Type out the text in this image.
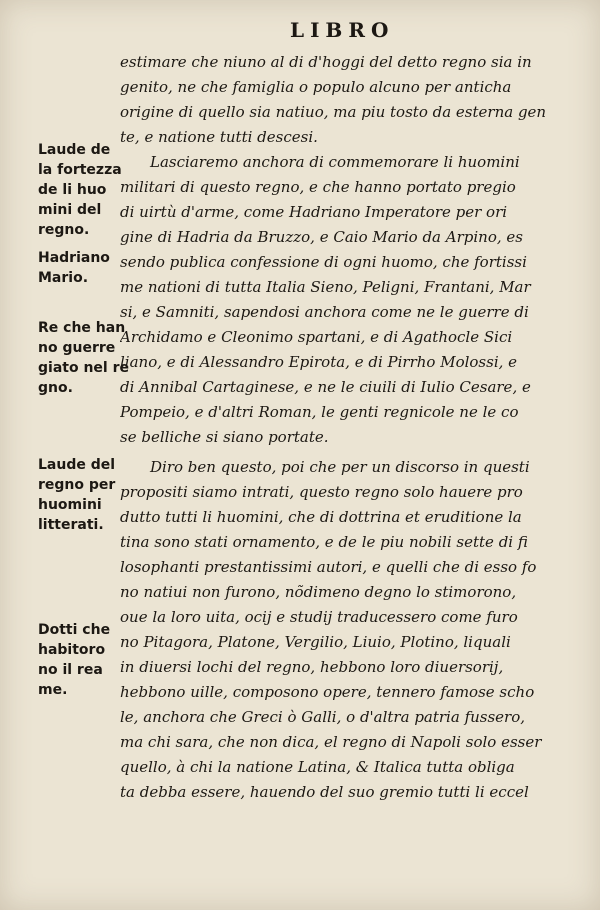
LIBRO
estimare che niuno al di d'hoggi del detto regno sia in
genito, ne che famiglia o populo alcuno per anticha
origine di quello sia natiuo, ma piu tosto da esterna gen
te, e natione tutti descesi.
Lasciaremo anchora di commemorare li huomini
militari di questo regno, e che hanno portato pregio
di uirtù d'arme, come Hadriano Imperatore per ori
gine di Hadria da Bruzzo, e Caio Mario da Arpino, es
sendo publica confessione di ogni huomo, che fortissi
me nationi di tutta Italia Sieno, Peligni, Frantani, Mar
si, e Samniti, sapendosi anchora come ne le guerre di
Archidamo e Cleonimo spartani, e di Agathocle Sici
liano, e di Alessandro Epirota, e di Pirrho Molossi, e
di Annibal Cartaginese, e ne le ciuili di Iulio Cesare, e
Pompeio, e d'altri Roman, le genti regnicole ne le co
se belliche si siano portate.
Diro ben questo, poi che per un discorso in questi
propositi siamo intrati, questo regno solo hauere pro
dutto tutti li huomini, che di dottrina et eruditione la
tina sono stati ornamento, e de le piu nobili sette di fi
losophanti prestantissimi autori, e quelli che di esso fo
no natiui non furono, nõdimeno degno lo stimorono,
oue la loro uita, ocij e studij traducessero come furo
no Pitagora, Platone, Vergilio, Liuio, Plotino, liquali
in diuersi lochi del regno, hebbono loro diuersorij,
hebbono uille, composono opere, tennero famose scho
le, anchora che Greci ò Galli, o d'altra patria fussero,
ma chi sara, che non dica, el regno di Napoli solo esser
quello, à chi la natione Latina, & Italica tutta obliga
ta debba essere, hauendo del suo gremio tutti li eccel
Laude de
la fortezza
de li huo
mini del
regno.
Hadriano
Mario.
Re che han
no guerre
giato nel re
gno.
Laude del
regno per
huomini
litterati.
Dotti che
habitoro
no il rea
me.
